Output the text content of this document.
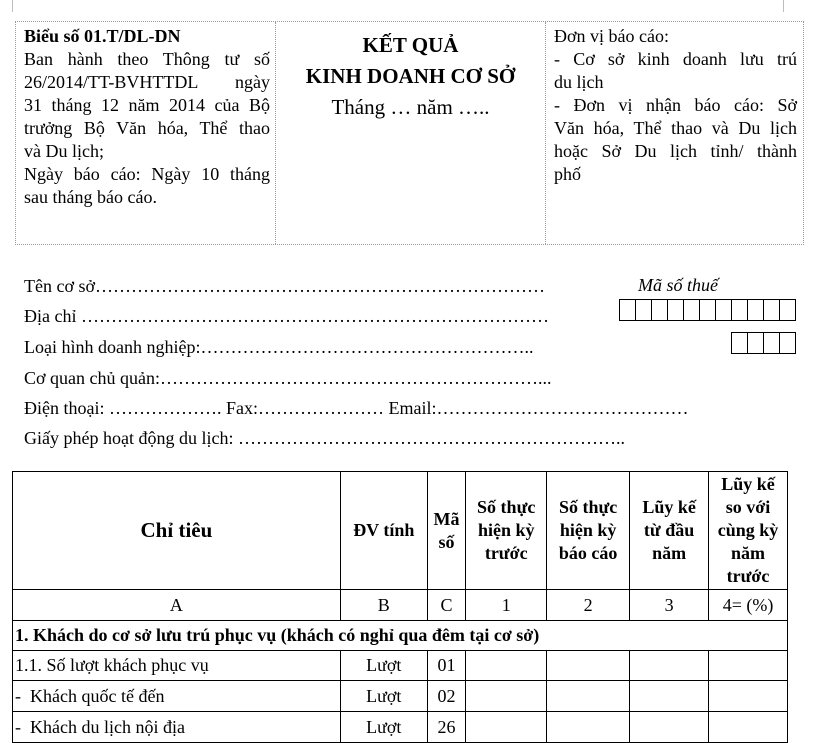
Biểu số 01.T/DL-DN
Ban hành theo Thông tư số
26/2014/TT-BVHTTDL ngày
31 tháng 12 năm 2014 của Bộ
trưởng Bộ Văn hóa, Thể thao
và Du lịch;
Ngày báo cáo: Ngày 10 tháng
sau tháng báo cáo.
KẾT QUẢ
KINH DOANH CƠ SỞ
Tháng … năm …..
Đơn vị báo cáo:
- Cơ sở kinh doanh lưu trú
du lịch
- Đơn vị nhận báo cáo: Sở
Văn hóa, Thể thao và Du lịch
hoặc Sở Du lịch tỉnh/ thành
phố
Tên cơ sở…………………………………………………………………	Mã số thuế
Địa chỉ ……………………………………………………………………
Loại hình doanh nghiệp:………………………………………………..
Cơ quan chủ quản:………………………………………………………...
Điện thoại: ………………. Fax:………………… Email:……………………………………
Giấy phép hoạt động du lịch: ………………………………………………………..
Chỉ tiêu	ĐV tính	Mã số	Số thực hiện kỳ trước	Số thực hiện kỳ báo cáo	Lũy kế từ đầu năm	Lũy kế so với cùng kỳ năm trước
A	B	C	1	2	3	4= (%)
1. Khách do cơ sở lưu trú phục vụ (khách có nghỉ qua đêm tại cơ sở)						
1.1. Số lượt khách phục vụ	Lượt	01				
-  Khách quốc tế đến	Lượt	02				
-  Khách du lịch nội địa	Lượt	26				
